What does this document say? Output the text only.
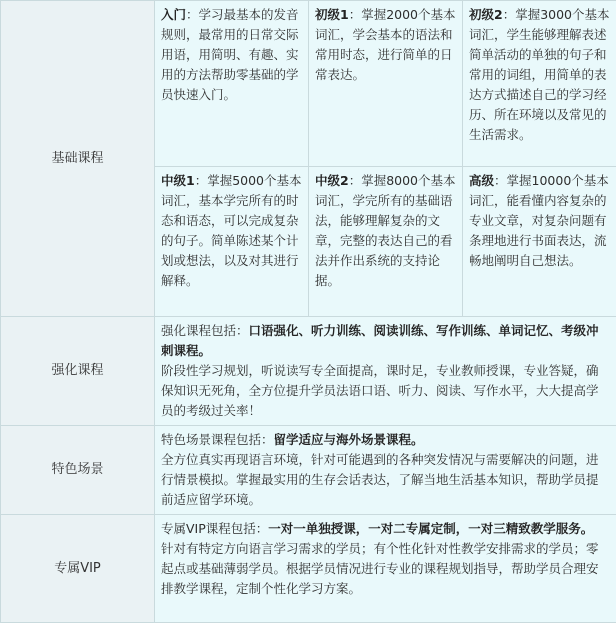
基础课程	入门：学习最基本的发音规则，最常用的日常交际用语，用简明、有趣、实用的方法帮助零基础的学员快速入门。	初级1：掌握2000个基本词汇，学会基本的语法和常用时态，进行简单的日常表达。	初级2：掌握3000个基本词汇，学生能够理解表述简单活动的单独的句子和常用的词组，用简单的表达方式描述自己的学习经历、所在环境以及常见的生活需求。
	中级1：掌握5000个基本词汇，基本学完所有的时态和语态，可以完成复杂的句子。简单陈述某个计划或想法，以及对其进行解释。	中级2：掌握8000个基本词汇，学完所有的基础语法，能够理解复杂的文章，完整的表达自己的看法并作出系统的支持论据。	高级：掌握10000个基本词汇，能看懂内容复杂的专业文章，对复杂问题有条理地进行书面表达，流畅地阐明自己想法。
强化课程	强化课程包括：口语强化、听力训练、阅读训练、写作训练、单词记忆、考级冲刺课程。
阶段性学习规划，听说读写专全面提高，课时足，专业教师授课，专业答疑，确保知识无死角，全方位提升学员法语口语、听力、阅读、写作水平，大大提高学员的考级过关率！		
特色场景	特色场景课程包括：留学适应与海外场景课程。
全方位真实再现语言环境，针对可能遇到的各种突发情况与需要解决的问题，进行情景模拟。掌握最实用的生存会话表达，了解当地生活基本知识，帮助学员提前适应留学环境。		
专属VIP	专属VIP课程包括：一对一单独授课，一对二专属定制，一对三精致教学服务。
针对有特定方向语言学习需求的学员；有个性化针对性教学安排需求的学员；零起点或基础薄弱学员。根据学员情况进行专业的课程规划指导，帮助学员合理安排教学课程，定制个性化学习方案。		
